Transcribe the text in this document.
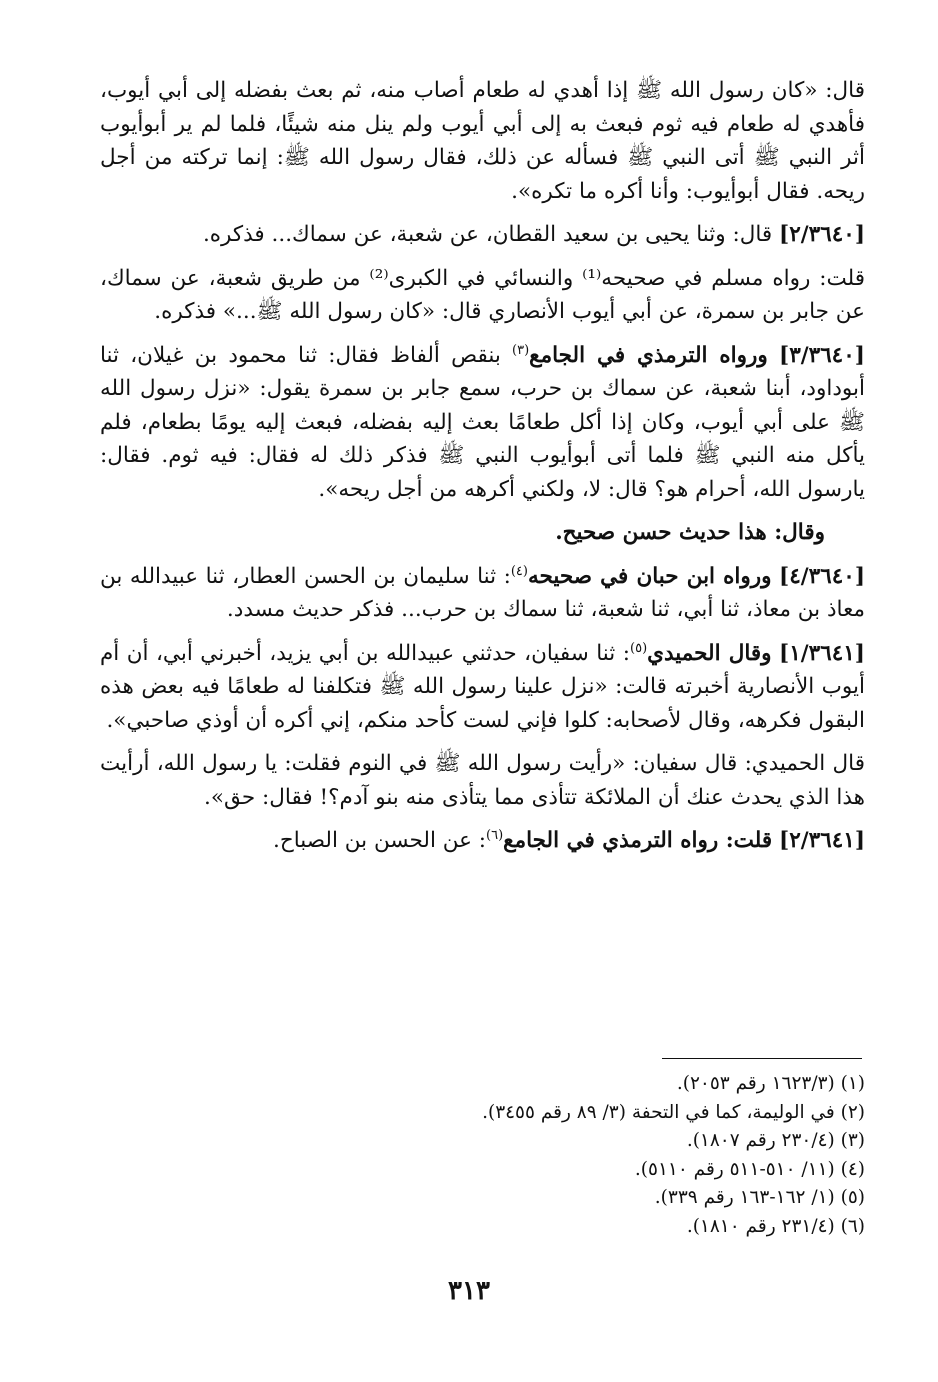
قال: «كان رسول الله ﷺ إذا أهدي له طعام أصاب منه، ثم بعث بفضله إلى أبي أيوب، فأهدي له طعام فيه ثوم فبعث به إلى أبي أيوب ولم ينل منه شيئًا، فلما لم ير أبوأيوب أثر النبي ﷺ أتى النبي ﷺ فسأله عن ذلك، فقال رسول الله ﷺ: إنما تركته من أجل ريحه. فقال أبوأيوب: وأنا أكره ما تكره».

[٢/٣٦٤٠] قال: وثنا يحيى بن سعيد القطان، عن شعبة، عن سماك... فذكره.

قلت: رواه مسلم في صحيحه⁽¹⁾ والنسائي في الكبرى⁽²⁾ من طريق شعبة، عن سماك، عن جابر بن سمرة، عن أبي أيوب الأنصاري قال: «كان رسول الله ﷺ...» فذكره.

[٣/٣٦٤٠] ورواه الترمذي في الجامع$^{(٣)}$ بنقص ألفاظ فقال: ثنا محمود بن غيلان، ثنا أبوداود، أبنا شعبة، عن سماك بن حرب، سمع جابر بن سمرة يقول: «نزل رسول الله ﷺ على أبي أيوب، وكان إذا أكل طعامًا بعث إليه بفضله، فبعث إليه يومًا بطعام، فلم يأكل منه النبي ﷺ فلما أتى أبوأيوب النبي ﷺ فذكر ذلك له فقال: فيه ثوم. فقال: يارسول الله، أحرام هو؟ قال: لا، ولكني أكرهه من أجل ريحه».

وقال: هذا حديث حسن صحيح.

[٤/٣٦٤٠] ورواه ابن حبان في صحيحه$^{(٤)}$: ثنا سليمان بن الحسن العطار، ثنا عبيدالله بن معاذ بن معاذ، ثنا أبي، ثنا شعبة، ثنا سماك بن حرب... فذكر حديث مسدد.

[١/٣٦٤١] وقال الحميدي$^{(٥)}$: ثنا سفيان، حدثني عبيدالله بن أبي يزيد، أخبرني أبي، أن أم أيوب الأنصارية أخبرته قالت: «نزل علينا رسول الله ﷺ فتكلفنا له طعامًا فيه بعض هذه البقول فكرهه، وقال لأصحابه: كلوا فإني لست كأحد منكم، إني أكره أن أوذي صاحبي».

قال الحميدي: قال سفيان: «رأيت رسول الله ﷺ في النوم فقلت: يا رسول الله، أرأيت هذا الذي يحدث عنك أن الملائكة تتأذى مما يتأذى منه بنو آدم؟! فقال: حق».

[٢/٣٦٤١] قلت: رواه الترمذي في الجامع$^{(٦)}$: عن الحسن بن الصباح.

(١) (١٦٢٣/٣ رقم ٢٠٥٣).

(٢) في الوليمة، كما في التحفة (٣/ ٨٩ رقم ٣٤٥٥).

(٣) (٢٣٠/٤ رقم ١٨٠٧).

(٤) (١١/ ٥١٠-٥١١ رقم ٥١١٠).

(٥) (١/ ١٦٢-١٦٣ رقم ٣٣٩).

(٦) (٢٣١/٤ رقم ١٨١٠).

٣١٣
